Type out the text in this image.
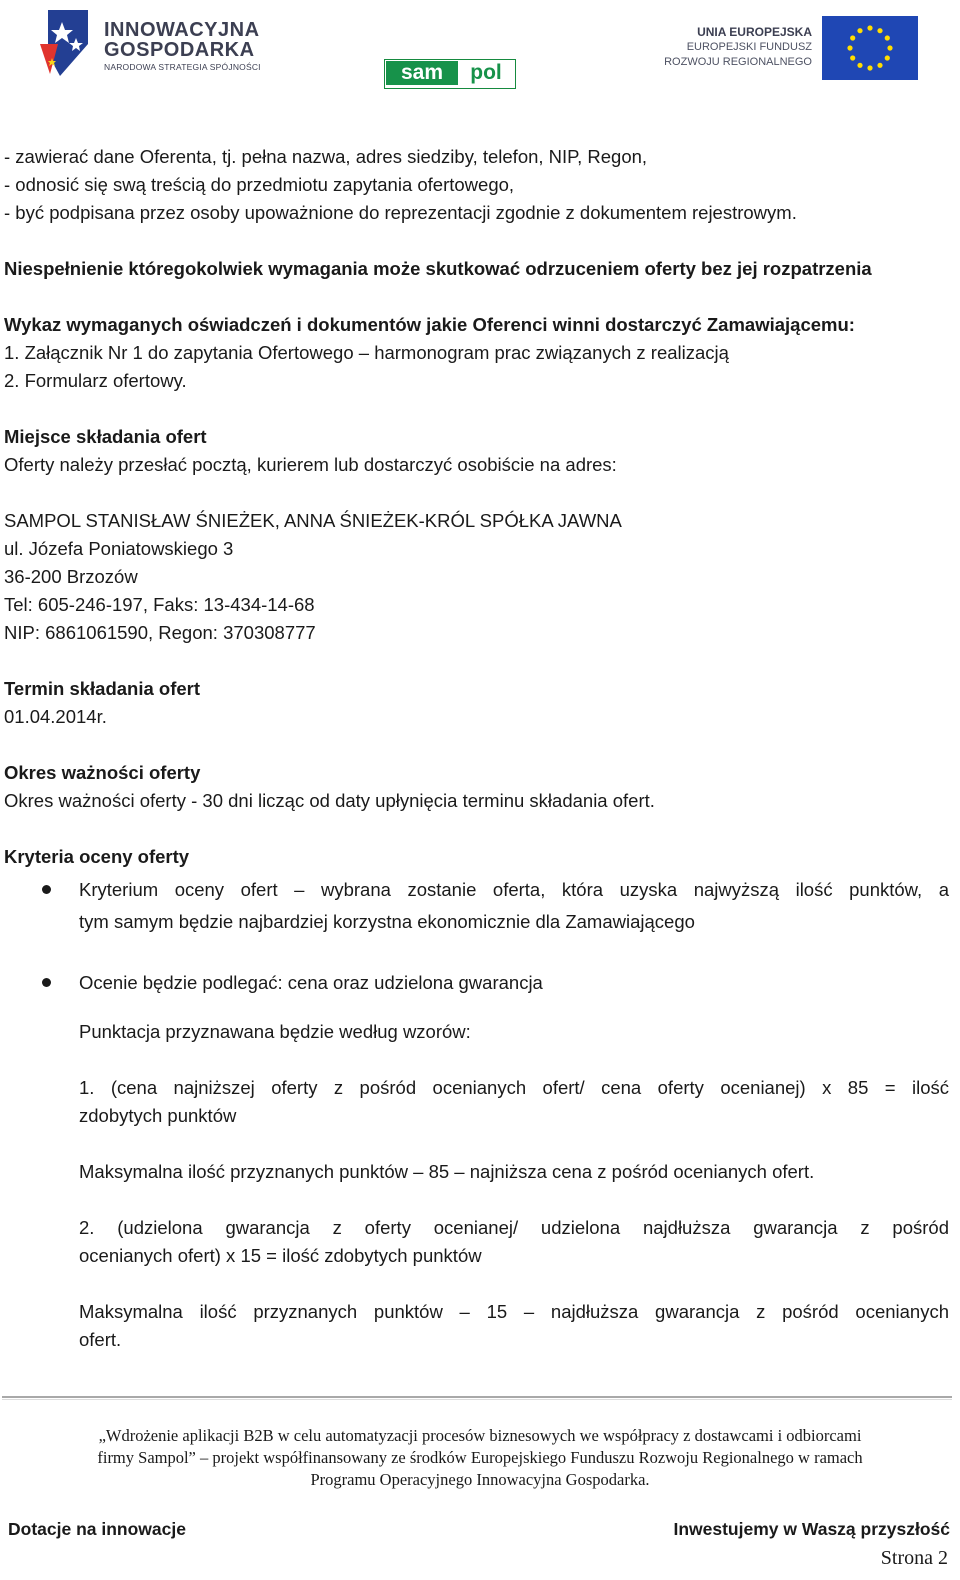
INNOWACYJNA
GOSPODARKA
NARODOWA STRATEGIA SPÓJNOŚCI	sam	pol
UNIA EUROPEJSKA
EUROPEJSKI FUNDUSZ
ROZWOJU REGIONALNEGO
- zawierać dane Oferenta, tj. pełna nazwa, adres siedziby, telefon, NIP, Regon,
- odnosić się swą treścią do przedmiotu zapytania ofertowego,
- być podpisana przez osoby upoważnione do reprezentacji zgodnie z dokumentem rejestrowym.
Niespełnienie któregokolwiek wymagania może skutkować odrzuceniem oferty bez jej rozpatrzenia
Wykaz wymaganych oświadczeń i dokumentów jakie Oferenci winni dostarczyć Zamawiającemu:
1. Załącznik Nr 1 do zapytania Ofertowego – harmonogram prac związanych z realizacją
2. Formularz ofertowy.
Miejsce składania ofert
Oferty należy przesłać pocztą, kurierem lub dostarczyć osobiście na adres:
SAMPOL STANISŁAW ŚNIEŻEK, ANNA ŚNIEŻEK-KRÓL SPÓŁKA JAWNA
ul. Józefa Poniatowskiego 3
36-200 Brzozów
Tel: 605-246-197, Faks: 13-434-14-68
NIP: 6861061590, Regon: 370308777
Termin składania ofert
01.04.2014r.
Okres ważności oferty
Okres ważności oferty - 30 dni licząc od daty upłynięcia terminu składania ofert.
Kryteria oceny oferty
Kryterium oceny ofert – wybrana zostanie oferta, która uzyska najwyższą ilość punktów, a
tym samym będzie najbardziej korzystna ekonomicznie dla Zamawiającego
Ocenie będzie podlegać: cena oraz udzielona gwarancja
Punktacja przyznawana będzie według wzorów:
1. (cena najniższej oferty z pośród ocenianych ofert/ cena oferty ocenianej) x 85 = ilość
zdobytych punktów
Maksymalna ilość przyznanych punktów – 85 – najniższa cena z pośród ocenianych ofert.
2. (udzielona gwarancja z oferty ocenianej/ udzielona najdłuższa gwarancja z pośród
ocenianych ofert) x 15 = ilość zdobytych punktów
Maksymalna ilość przyznanych punktów – 15 – najdłuższa gwarancja z pośród ocenianych
ofert.
„Wdrożenie aplikacji B2B w celu automatyzacji procesów biznesowych we współpracy z dostawcami i odbiorcami
firmy Sampol” – projekt współfinansowany ze środków Europejskiego Funduszu Rozwoju Regionalnego w ramach
Programu Operacyjnego Innowacyjna Gospodarka.
Dotacje na innowacje	Inwestujemy w Waszą przyszłość
Strona 2
